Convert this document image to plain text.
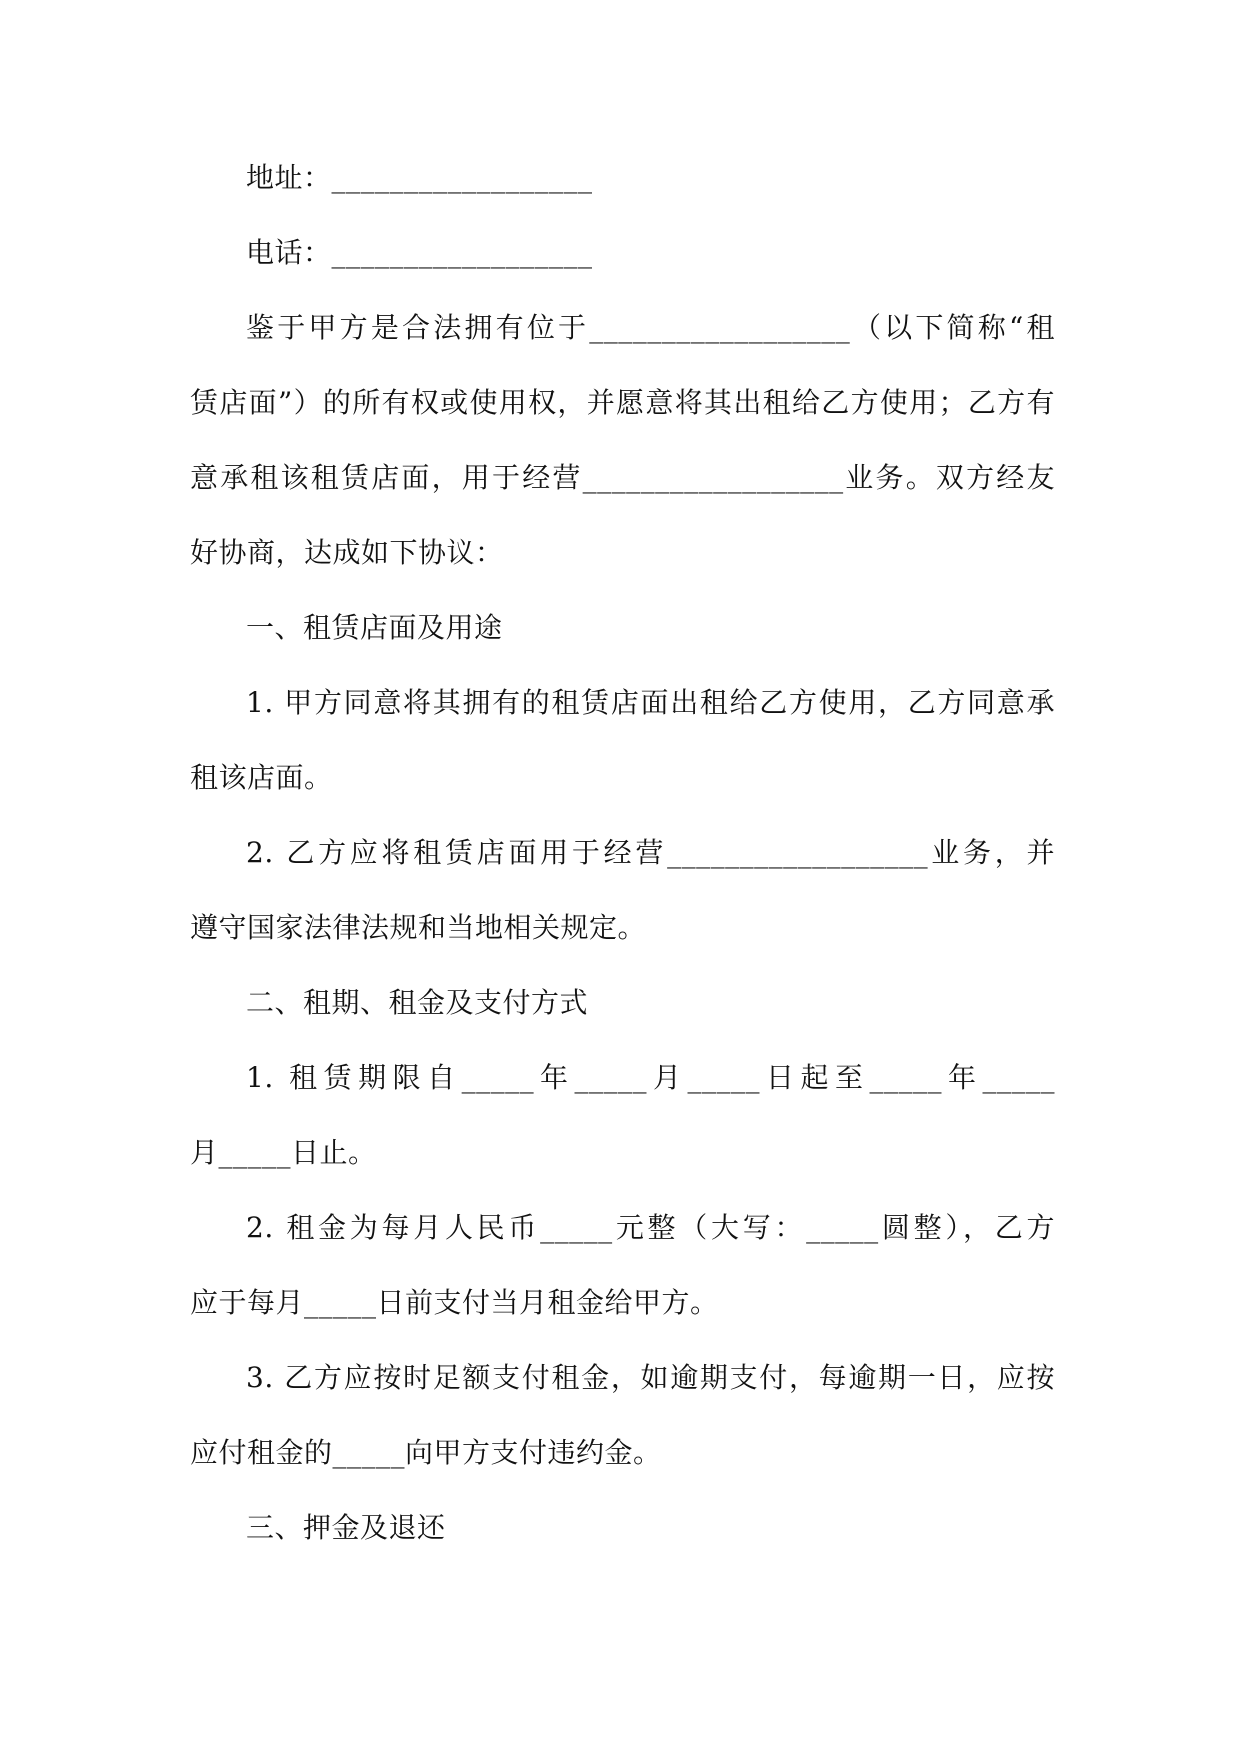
地址：__________________
电话：__________________
鉴于甲方是合法拥有位于__________________（以下简称“租
赁店面”）的所有权或使用权，并愿意将其出租给乙方使用；乙方有
意承租该租赁店面，用于经营__________________业务。双方经友
好协商，达成如下协议：
一、租赁店面及用途
1. 甲方同意将其拥有的租赁店面出租给乙方使用，乙方同意承
租该店面。
2. 乙方应将租赁店面用于经营__________________业务，并
遵守国家法律法规和当地相关规定。
二、租期、租金及支付方式
1. 租赁期限自_____年_____月_____日起至_____年_____
月_____日止。
2. 租金为每月人民币_____元整（大写：_____圆整），乙方
应于每月_____日前支付当月租金给甲方。
3. 乙方应按时足额支付租金，如逾期支付，每逾期一日，应按
应付租金的_____向甲方支付违约金。
三、押金及退还
